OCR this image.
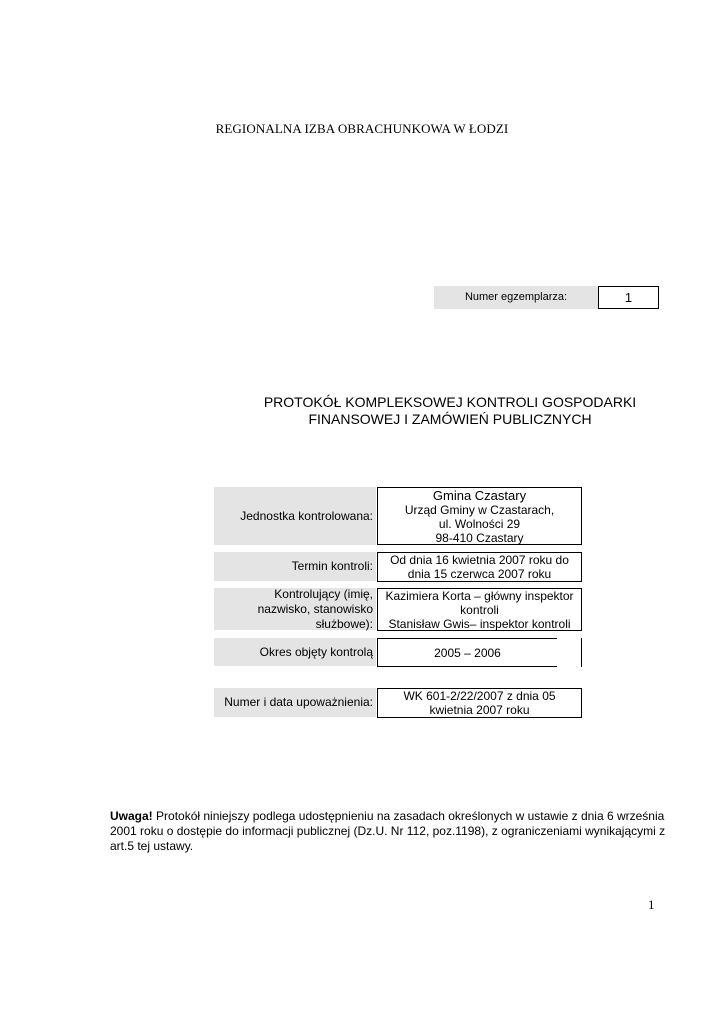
REGIONALNA IZBA OBRACHUNKOWA W ŁODZI
Numer egzemplarza:	1
PROTOKÓŁ KOMPLEKSOWEJ KONTROLI GOSPODARKI
FINANSOWEJ I ZAMÓWIEŃ PUBLICZNYCH
Jednostka kontrolowana:
Gmina Czastary
Urząd Gminy w Czastarach,
ul. Wolności 29
98-410 Czastary
Termin kontroli: Od dnia 16 kwietnia 2007 roku do
dnia 15 czerwca 2007 roku
Kontrolujący (imię,
nazwisko, stanowisko
służbowe):
Kazimiera Korta – główny inspektor
kontroli
Stanisław Gwis– inspektor kontroli
Okres objęty kontrolą	2005 – 2006
Numer i data upoważnienia:	WK 601-2/22/2007 z dnia 05
kwietnia 2007 roku
Uwaga! Protokół niniejszy podlega udostępnieniu na zasadach określonych w ustawie z dnia 6 września 2001 roku o dostępie do informacji publicznej (Dz.U. Nr 112, poz.1198), z ograniczeniami wynikającymi z art.5 tej ustawy.
1
